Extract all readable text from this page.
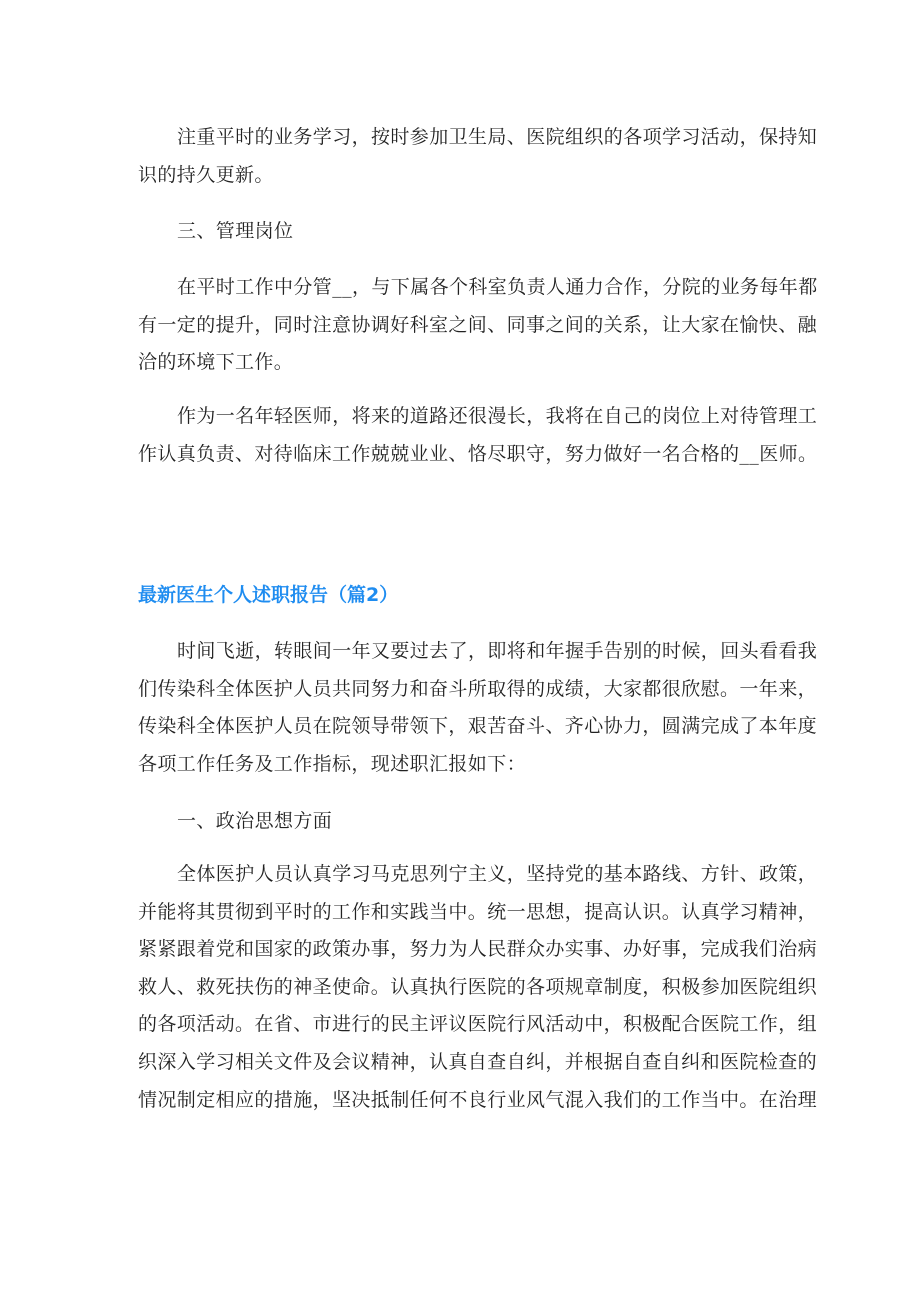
注重平时的业务学习，按时参加卫生局、医院组织的各项学习活动，保持知
识的持久更新。

三、管理岗位

在平时工作中分管__，与下属各个科室负责人通力合作，分院的业务每年都
有一定的提升，同时注意协调好科室之间、同事之间的关系，让大家在愉快、融
洽的环境下工作。

作为一名年轻医师，将来的道路还很漫长，我将在自己的岗位上对待管理工
作认真负责、对待临床工作兢兢业业、恪尽职守，努力做好一名合格的__医师。

最新医生个人述职报告（篇2）

时间飞逝，转眼间一年又要过去了，即将和年握手告别的时候，回头看看我
们传染科全体医护人员共同努力和奋斗所取得的成绩，大家都很欣慰。一年来，
传染科全体医护人员在院领导带领下，艰苦奋斗、齐心协力，圆满完成了本年度
各项工作任务及工作指标，现述职汇报如下：

一、政治思想方面

全体医护人员认真学习马克思列宁主义，坚持党的基本路线、方针、政策，
并能将其贯彻到平时的工作和实践当中。统一思想，提高认识。认真学习精神，
紧紧跟着党和国家的政策办事，努力为人民群众办实事、办好事，完成我们治病
救人、救死扶伤的神圣使命。认真执行医院的各项规章制度，积极参加医院组织
的各项活动。在省、市进行的民主评议医院行风活动中，积极配合医院工作，组
织深入学习相关文件及会议精神，认真自查自纠，并根据自查自纠和医院检查的
情况制定相应的措施，坚决抵制任何不良行业风气混入我们的工作当中。在治理
